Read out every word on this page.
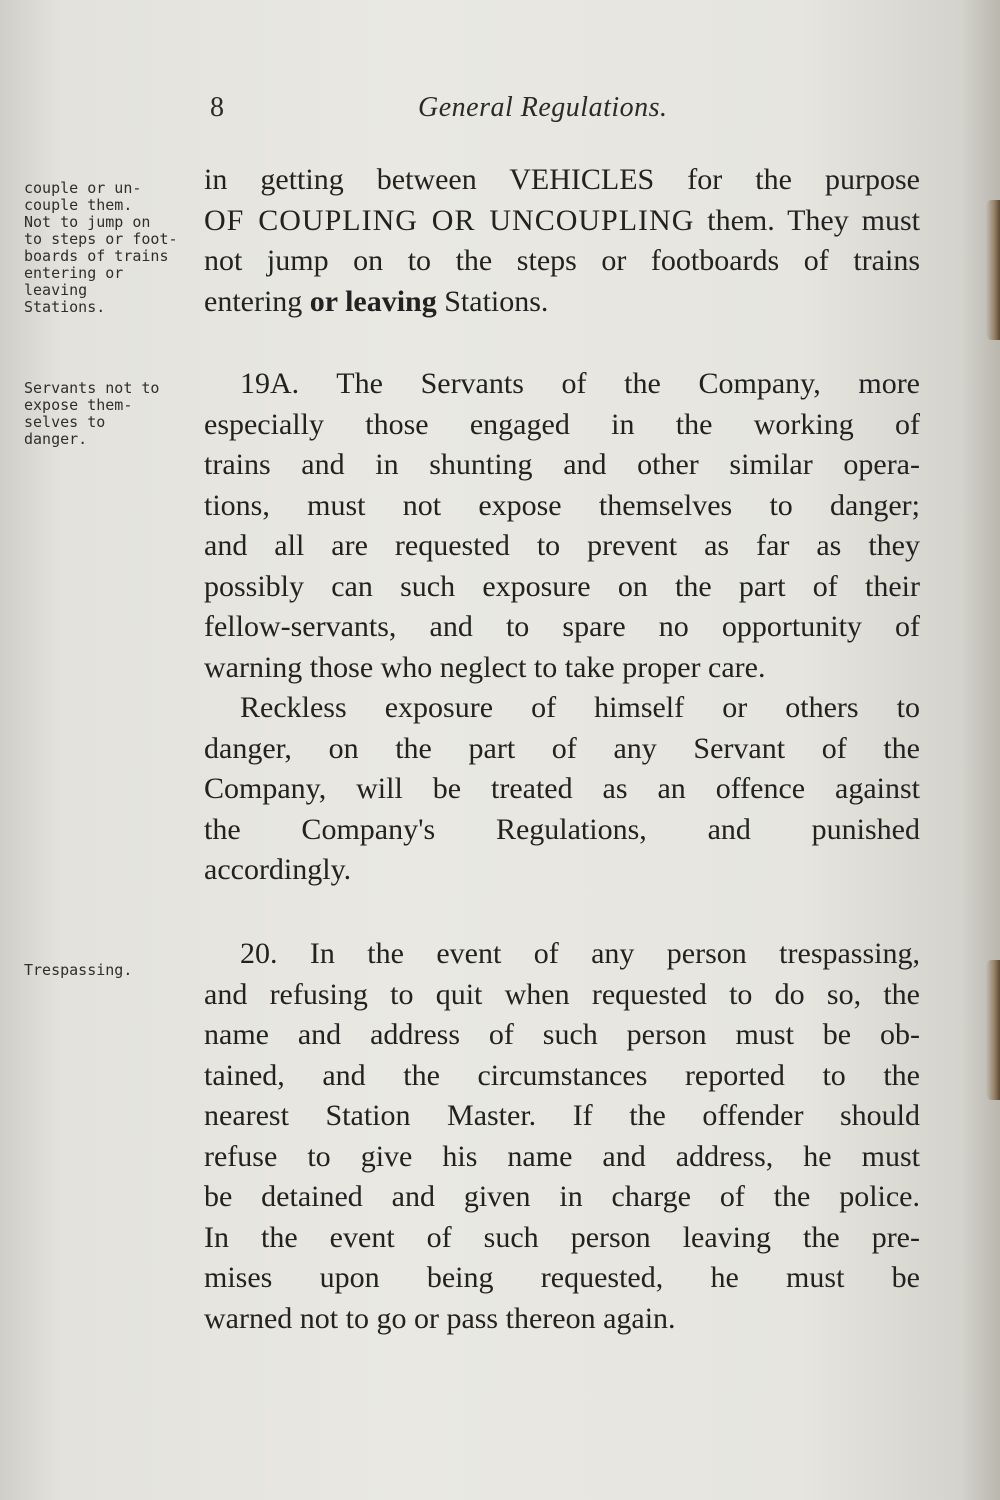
8	General Regulations.
couple or un-
couple them.
Not to jump on
to steps or foot-
boards of trains
entering or
leaving
Stations.
Servants not to
expose them-
selves to
danger.
Trespassing.
in getting between VEHICLES for the purpose
OF COUPLING OR UNCOUPLING them. They must
not jump on to the steps or footboards of trains
entering or leaving Stations.
19A. The Servants of the Company, more
especially those engaged in the working of
trains and in shunting and other similar opera-
tions, must not expose themselves to danger;
and all are requested to prevent as far as they
possibly can such exposure on the part of their
fellow-servants, and to spare no opportunity of
warning those who neglect to take proper care.
Reckless exposure of himself or others to
danger, on the part of any Servant of the
Company, will be treated as an offence against
the Company's Regulations, and punished
accordingly.
20. In the event of any person trespassing,
and refusing to quit when requested to do so, the
name and address of such person must be ob-
tained, and the circumstances reported to the
nearest Station Master. If the offender should
refuse to give his name and address, he must
be detained and given in charge of the police.
In the event of such person leaving the pre-
mises upon being requested, he must be
warned not to go or pass thereon again.
